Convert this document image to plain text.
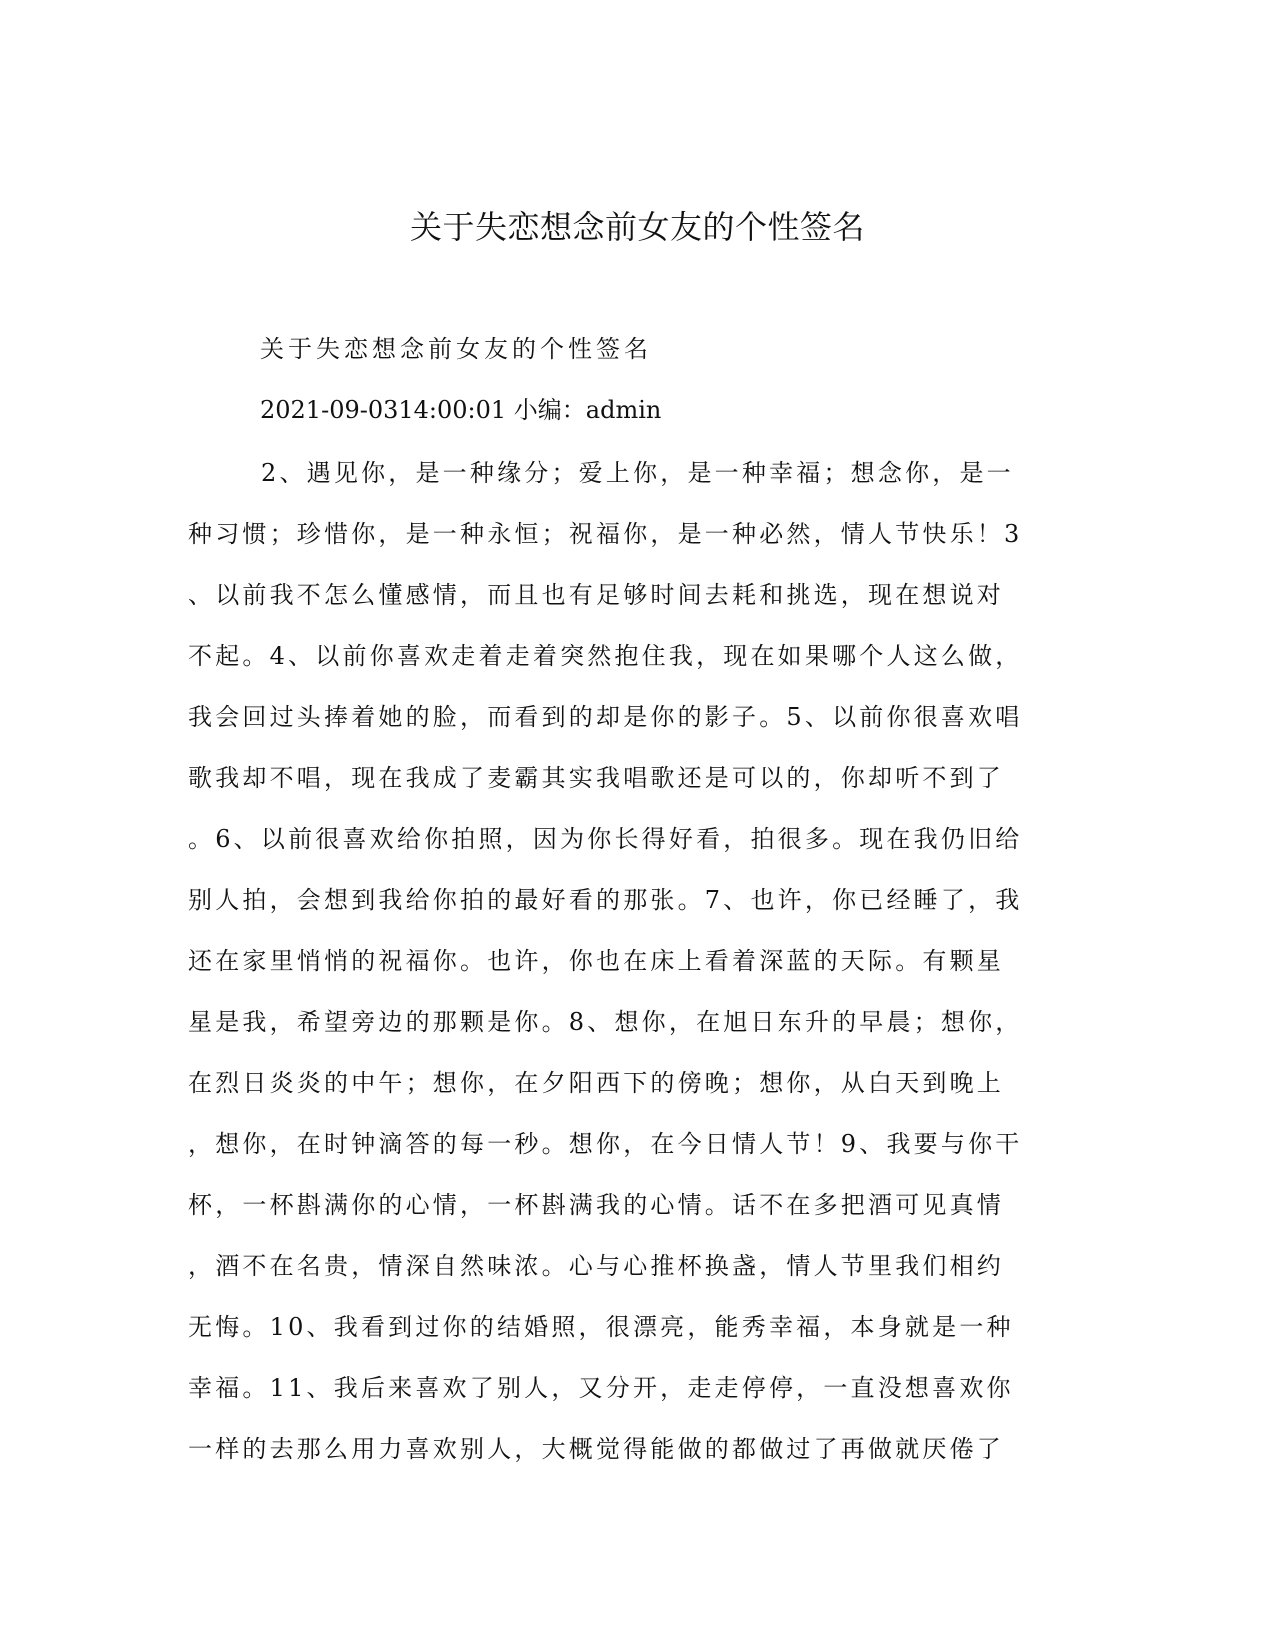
关于失恋想念前女友的个性签名

关于失恋想念前女友的个性签名

2021-09-0314:00:01 小编：admin

2、遇见你，是一种缘分；爱上你，是一种幸福；想念你，是一
种习惯；珍惜你，是一种永恒；祝福你，是一种必然，情人节快乐！3
、以前我不怎么懂感情，而且也有足够时间去耗和挑选，现在想说对
不起。4、以前你喜欢走着走着突然抱住我，现在如果哪个人这么做，
我会回过头捧着她的脸，而看到的却是你的影子。5、以前你很喜欢唱
歌我却不唱，现在我成了麦霸其实我唱歌还是可以的，你却听不到了
。6、以前很喜欢给你拍照，因为你长得好看，拍很多。现在我仍旧给
别人拍，会想到我给你拍的最好看的那张。7、也许，你已经睡了，我
还在家里悄悄的祝福你。也许，你也在床上看着深蓝的天际。有颗星
星是我，希望旁边的那颗是你。8、想你，在旭日东升的早晨；想你，
在烈日炎炎的中午；想你，在夕阳西下的傍晚；想你，从白天到晚上
，想你，在时钟滴答的每一秒。想你，在今日情人节！9、我要与你干
杯，一杯斟满你的心情，一杯斟满我的心情。话不在多把酒可见真情
，酒不在名贵，情深自然味浓。心与心推杯换盏，情人节里我们相约
无悔。10、我看到过你的结婚照，很漂亮，能秀幸福，本身就是一种
幸福。11、我后来喜欢了别人，又分开，走走停停，一直没想喜欢你
一样的去那么用力喜欢别人，大概觉得能做的都做过了再做就厌倦了
